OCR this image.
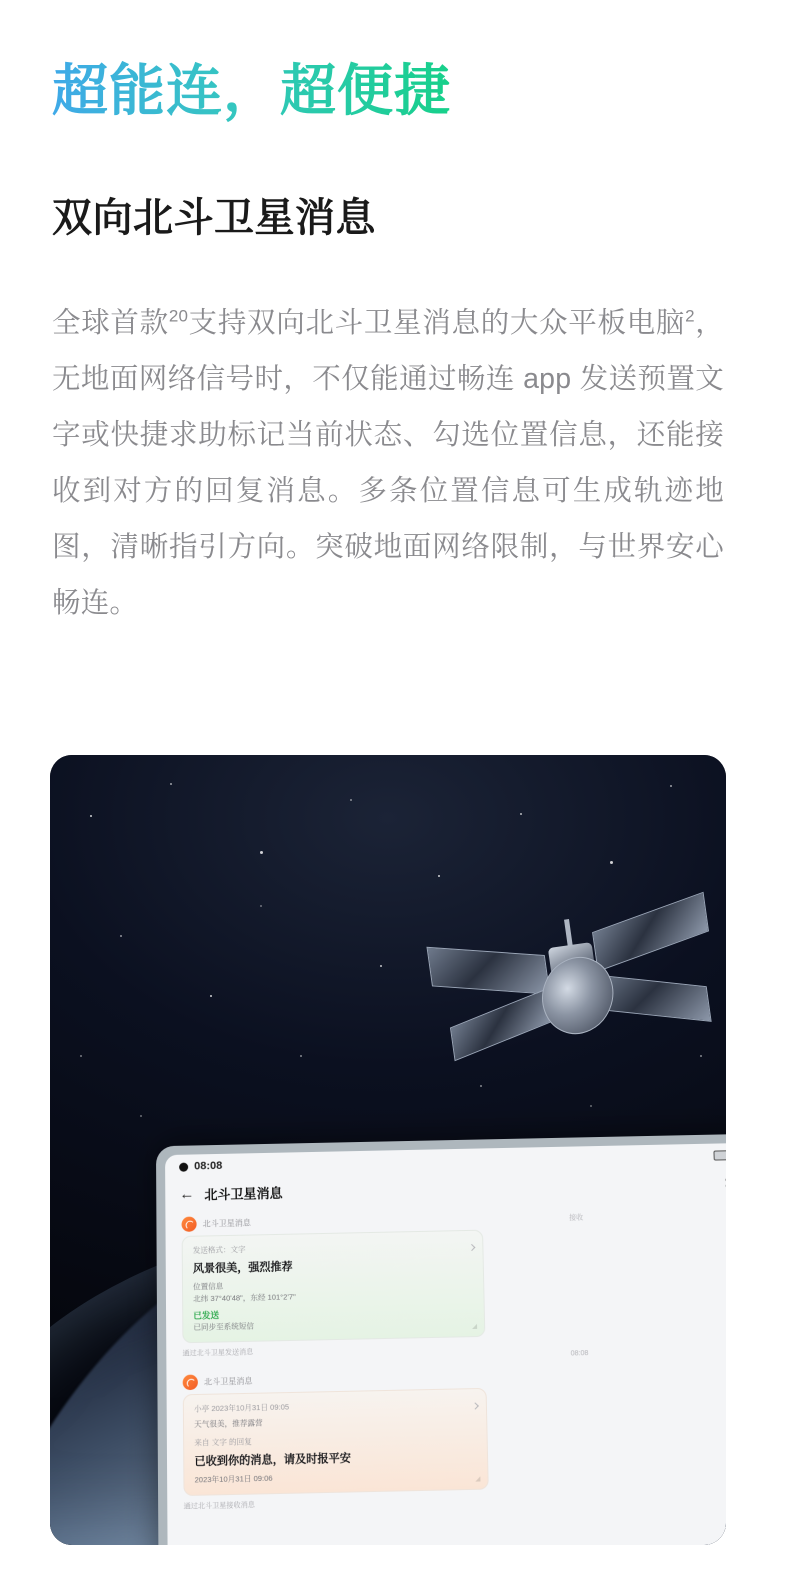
超能连，超便捷
双向北斗卫星消息

全球首款$^{20}$支持双向北斗卫星消息的大众平板电脑$^2$，无地面网络信号时，不仅能通过畅连 app 发送预置文字或快捷求助标记当前状态、勾选位置信息，还能接收到对方的回复消息。多条位置信息可生成轨迹地图，清晰指引方向。突破地面网络限制，与世界安心畅连。

08:08
← 北斗卫星消息
接收
08:08
北斗卫星消息
发送格式：文字
风景很美，强烈推荐
位置信息
北纬 37°40'48"，东经 101°2'7"
已发送
已同步至系统短信
通过北斗卫星发送消息
北斗卫星消息
小亭 2023年10月31日 09:05
天气很美，推荐露营
来自 文字 的回复
已收到你的消息，请及时报平安
2023年10月31日 09:06
通过北斗卫星接收消息
